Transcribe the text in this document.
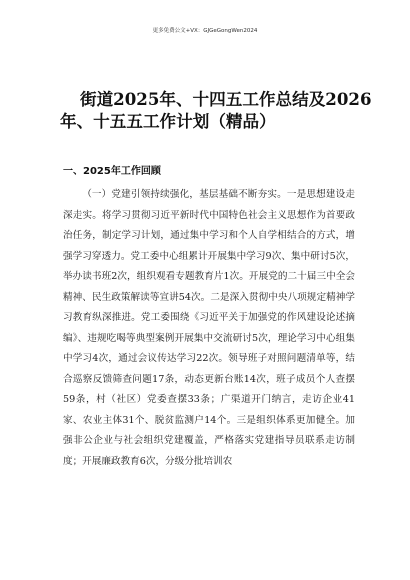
更多免费公文+VX：GJGeGongWen2024
街道2025年、十四五工作总结及2026
年、十五五工作计划（精品）
一、2025年工作回顾

（一）党建引领持续强化，基层基础不断夯实。一是思想建设走深走实。将学习贯彻习近平新时代中国特色社会主义思想作为首要政治任务，制定学习计划，通过集中学习和个人自学相结合的方式，增强学习穿透力。党工委中心组累计开展集中学习9次、集中研讨5次，举办读书班2次，组织观看专题教育片1次。开展党的二十届三中全会精神、民生政策解读等宣讲54次。二是深入贯彻中央八项规定精神学习教育纵深推进。党工委围绕《习近平关于加强党的作风建设论述摘编》、违规吃喝等典型案例开展集中交流研讨5次，理论学习中心组集中学习4次，通过会议传达学习22次。领导班子对照问题清单等，结合巡察反馈筛查问题17条，动态更新台账14次，班子成员个人查摆59条，村（社区）党委查摆33条；广渠道开门纳言，走访企业41家、农业主体31个、脱贫监测户14个。三是组织体系更加健全。加强非公企业与社会组织党建覆盖，严格落实党建指导员联系走访制度；开展廉政教育6次，分级分批培训农
